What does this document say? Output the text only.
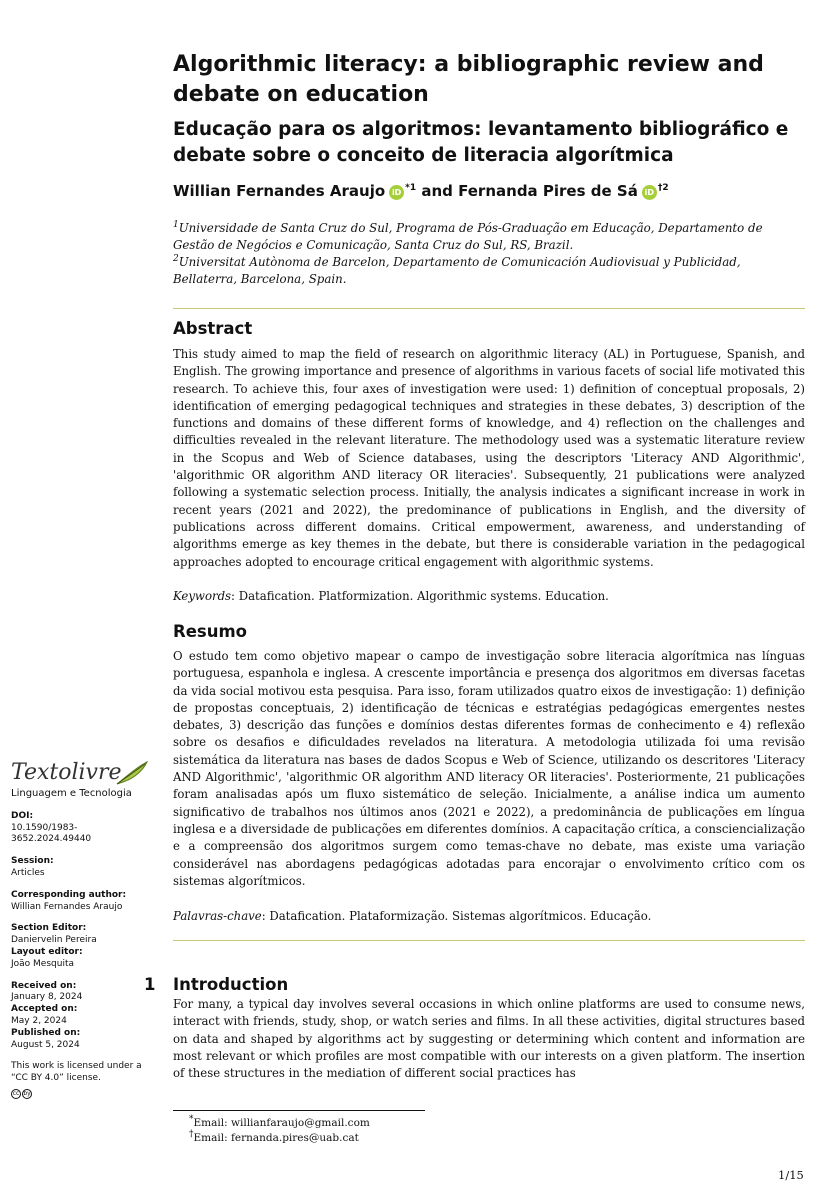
Algorithmic literacy: a bibliographic review and debate on education
Educação para os algoritmos: levantamento bibliográfico e debate sobre o conceito de literacia algorítmica
Willian Fernandes Araujo iD $^{*1}$ and Fernanda Pires de Sá iD $^{\dagger 2}$
$^1$Universidade de Santa Cruz do Sul, Programa de Pós-Graduação em Educação, Departamento de Gestão de Negócios e Comunicação, Santa Cruz do Sul, RS, Brazil.
$^2$Universitat Autònoma de Barcelon, Departamento de Comunicación Audiovisual y Publicidad, Bellaterra, Barcelona, Spain.
Abstract

This study aimed to map the field of research on algorithmic literacy (AL) in Portuguese, Spanish, and English. The growing importance and presence of algorithms in various facets of social life motivated this research. To achieve this, four axes of investigation were used: 1) definition of conceptual proposals, 2) identification of emerging pedagogical techniques and strategies in these debates, 3) description of the functions and domains of these different forms of knowledge, and 4) reflection on the challenges and difficulties revealed in the relevant literature. The methodology used was a systematic literature review in the Scopus and Web of Science databases, using the descriptors 'Literacy AND Algorithmic', 'algorithmic OR algorithm AND literacy OR literacies'. Subsequently, 21 publications were analyzed following a systematic selection process. Initially, the analysis indicates a significant increase in work in recent years (2021 and 2022), the predominance of publications in English, and the diversity of publications across different domains. Critical empowerment, awareness, and understanding of algorithms emerge as key themes in the debate, but there is considerable variation in the pedagogical approaches adopted to encourage critical engagement with algorithmic systems.

Keywords: Datafication. Platformization. Algorithmic systems. Education.

Resumo

O estudo tem como objetivo mapear o campo de investigação sobre literacia algorítmica nas línguas portuguesa, espanhola e inglesa. A crescente importância e presença dos algoritmos em diversas facetas da vida social motivou esta pesquisa. Para isso, foram utilizados quatro eixos de investigação: 1) definição de propostas conceptuais, 2) identificação de técnicas e estratégias pedagógicas emergentes nestes debates, 3) descrição das funções e domínios destas diferentes formas de conhecimento e 4) reflexão sobre os desafios e dificuldades revelados na literatura. A metodologia utilizada foi uma revisão sistemática da literatura nas bases de dados Scopus e Web of Science, utilizando os descritores 'Literacy AND Algorithmic', 'algorithmic OR algorithm AND literacy OR literacies'. Posteriormente, 21 publicações foram analisadas após um fluxo sistemático de seleção. Inicialmente, a análise indica um aumento significativo de trabalhos nos últimos anos (2021 e 2022), a predominância de publicações em língua inglesa e a diversidade de publicações em diferentes domínios. A capacitação crítica, a consciencialização e a compreensão dos algoritmos surgem como temas-chave no debate, mas existe uma variação considerável nas abordagens pedagógicas adotadas para encorajar o envolvimento crítico com os sistemas algorítmicos.

Palavras-chave: Datafication. Plataformização. Sistemas algorítmicos. Educação.

1 Introduction

For many, a typical day involves several occasions in which online platforms are used to consume news, interact with friends, study, shop, or watch series and films. In all these activities, digital structures based on data and shaped by algorithms act by suggesting or determining which content and information are most relevant or which profiles are most compatible with our interests on a given platform. The insertion of these structures in the mediation of different social practices has

Textolivre
Linguagem e Tecnologia
DOI:
10.1590/1983-3652.2024.49440
Session:
Articles
Corresponding author:
Willian Fernandes Araujo
Section Editor:
Daniervelin Pereira
Layout editor:
João Mesquita
Received on:
January 8, 2024
Accepted on:
May 2, 2024
Published on:
August 5, 2024
This work is licensed under a “CC BY 4.0” license.
cc by
*Email: willianfaraujo@gmail.com
†Email: fernanda.pires@uab.cat
1/15
